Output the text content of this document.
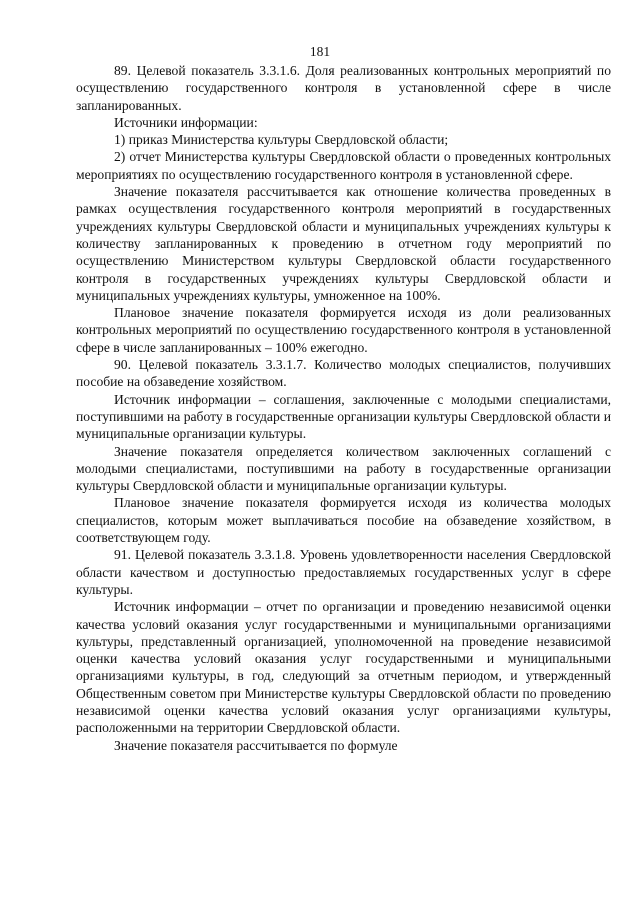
181

89. Целевой показатель 3.3.1.6. Доля реализованных контрольных мероприятий по осуществлению государственного контроля в установленной сфере в числе запланированных.

Источники информации:

1) приказ Министерства культуры Свердловской области;

2) отчет Министерства культуры Свердловской области о проведенных контрольных мероприятиях по осуществлению государственного контроля в установленной сфере.

Значение показателя рассчитывается как отношение количества проведенных в рамках осуществления государственного контроля мероприятий в государственных учреждениях культуры Свердловской области и муниципальных учреждениях культуры к количеству запланированных к проведению в отчетном году мероприятий по осуществлению Министерством культуры Свердловской области государственного контроля в государственных учреждениях культуры Свердловской области и муниципальных учреждениях культуры, умноженное на 100%.

Плановое значение показателя формируется исходя из доли реализованных контрольных мероприятий по осуществлению государственного контроля в установленной сфере в числе запланированных – 100% ежегодно.

90. Целевой показатель 3.3.1.7. Количество молодых специалистов, получивших пособие на обзаведение хозяйством.

Источник информации – соглашения, заключенные с молодыми специалистами, поступившими на работу в государственные организации культуры Свердловской области и муниципальные организации культуры.

Значение показателя определяется количеством заключенных соглашений с молодыми специалистами, поступившими на работу в государственные организации культуры Свердловской области и муниципальные организации культуры.

Плановое значение показателя формируется исходя из количества молодых специалистов, которым может выплачиваться пособие на обзаведение хозяйством, в соответствующем году.

91. Целевой показатель 3.3.1.8. Уровень удовлетворенности населения Свердловской области качеством и доступностью предоставляемых государственных услуг в сфере культуры.

Источник информации – отчет по организации и проведению независимой оценки качества условий оказания услуг государственными и муниципальными организациями культуры, представленный организацией, уполномоченной на проведение независимой оценки качества условий оказания услуг государственными и муниципальными организациями культуры, в год, следующий за отчетным периодом, и утвержденный Общественным советом при Министерстве культуры Свердловской области по проведению независимой оценки качества условий оказания услуг организациями культуры, расположенными на территории Свердловской области.

Значение показателя рассчитывается по формуле
